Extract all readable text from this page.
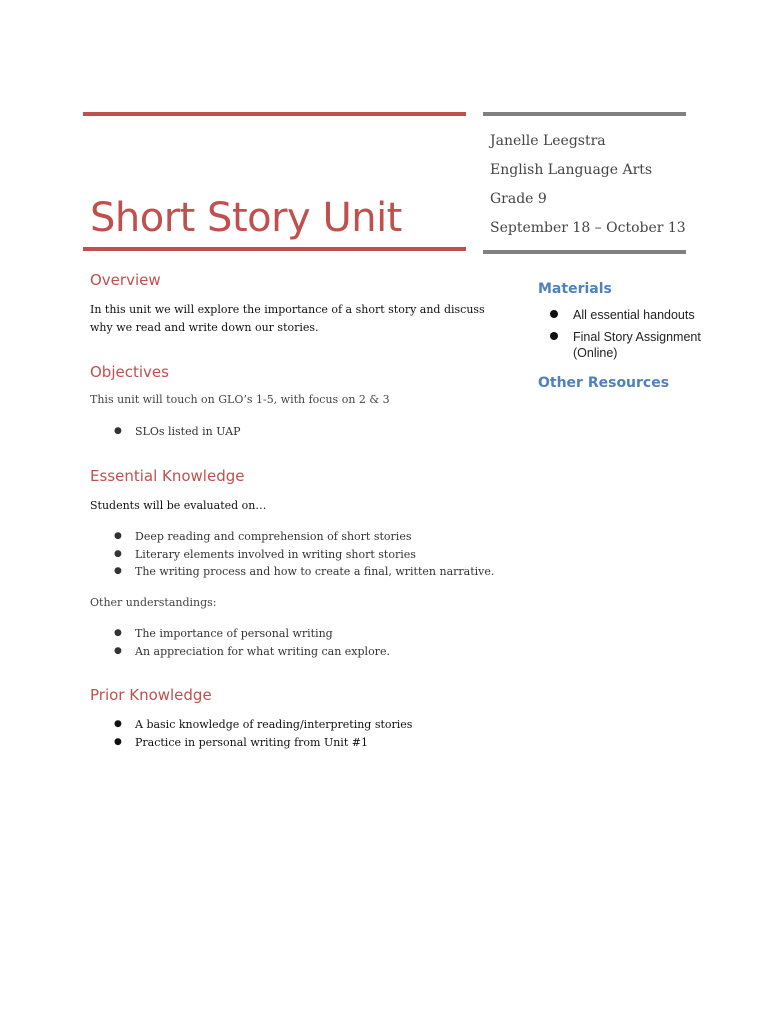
Short Story Unit
Overview

In this unit we will explore the importance of a short story and discuss why we read and write down our stories.

Objectives

This unit will touch on GLO’s 1-5, with focus on 2 & 3

● SLOs listed in UAP
Essential Knowledge

Students will be evaluated on…

● Deep reading and comprehension of short stories
● Literary elements involved in writing short stories
● The writing process and how to create a final, written narrative.

Other understandings:

● The importance of personal writing
● An appreciation for what writing can explore.
Prior Knowledge
● A basic knowledge of reading/interpreting stories
● Practice in personal writing from Unit #1

Janelle Leegstra

English Language Arts

Grade 9

September 18 – October 13

Materials
All essential handouts
Final Story Assignment (Online)
Other Resources
